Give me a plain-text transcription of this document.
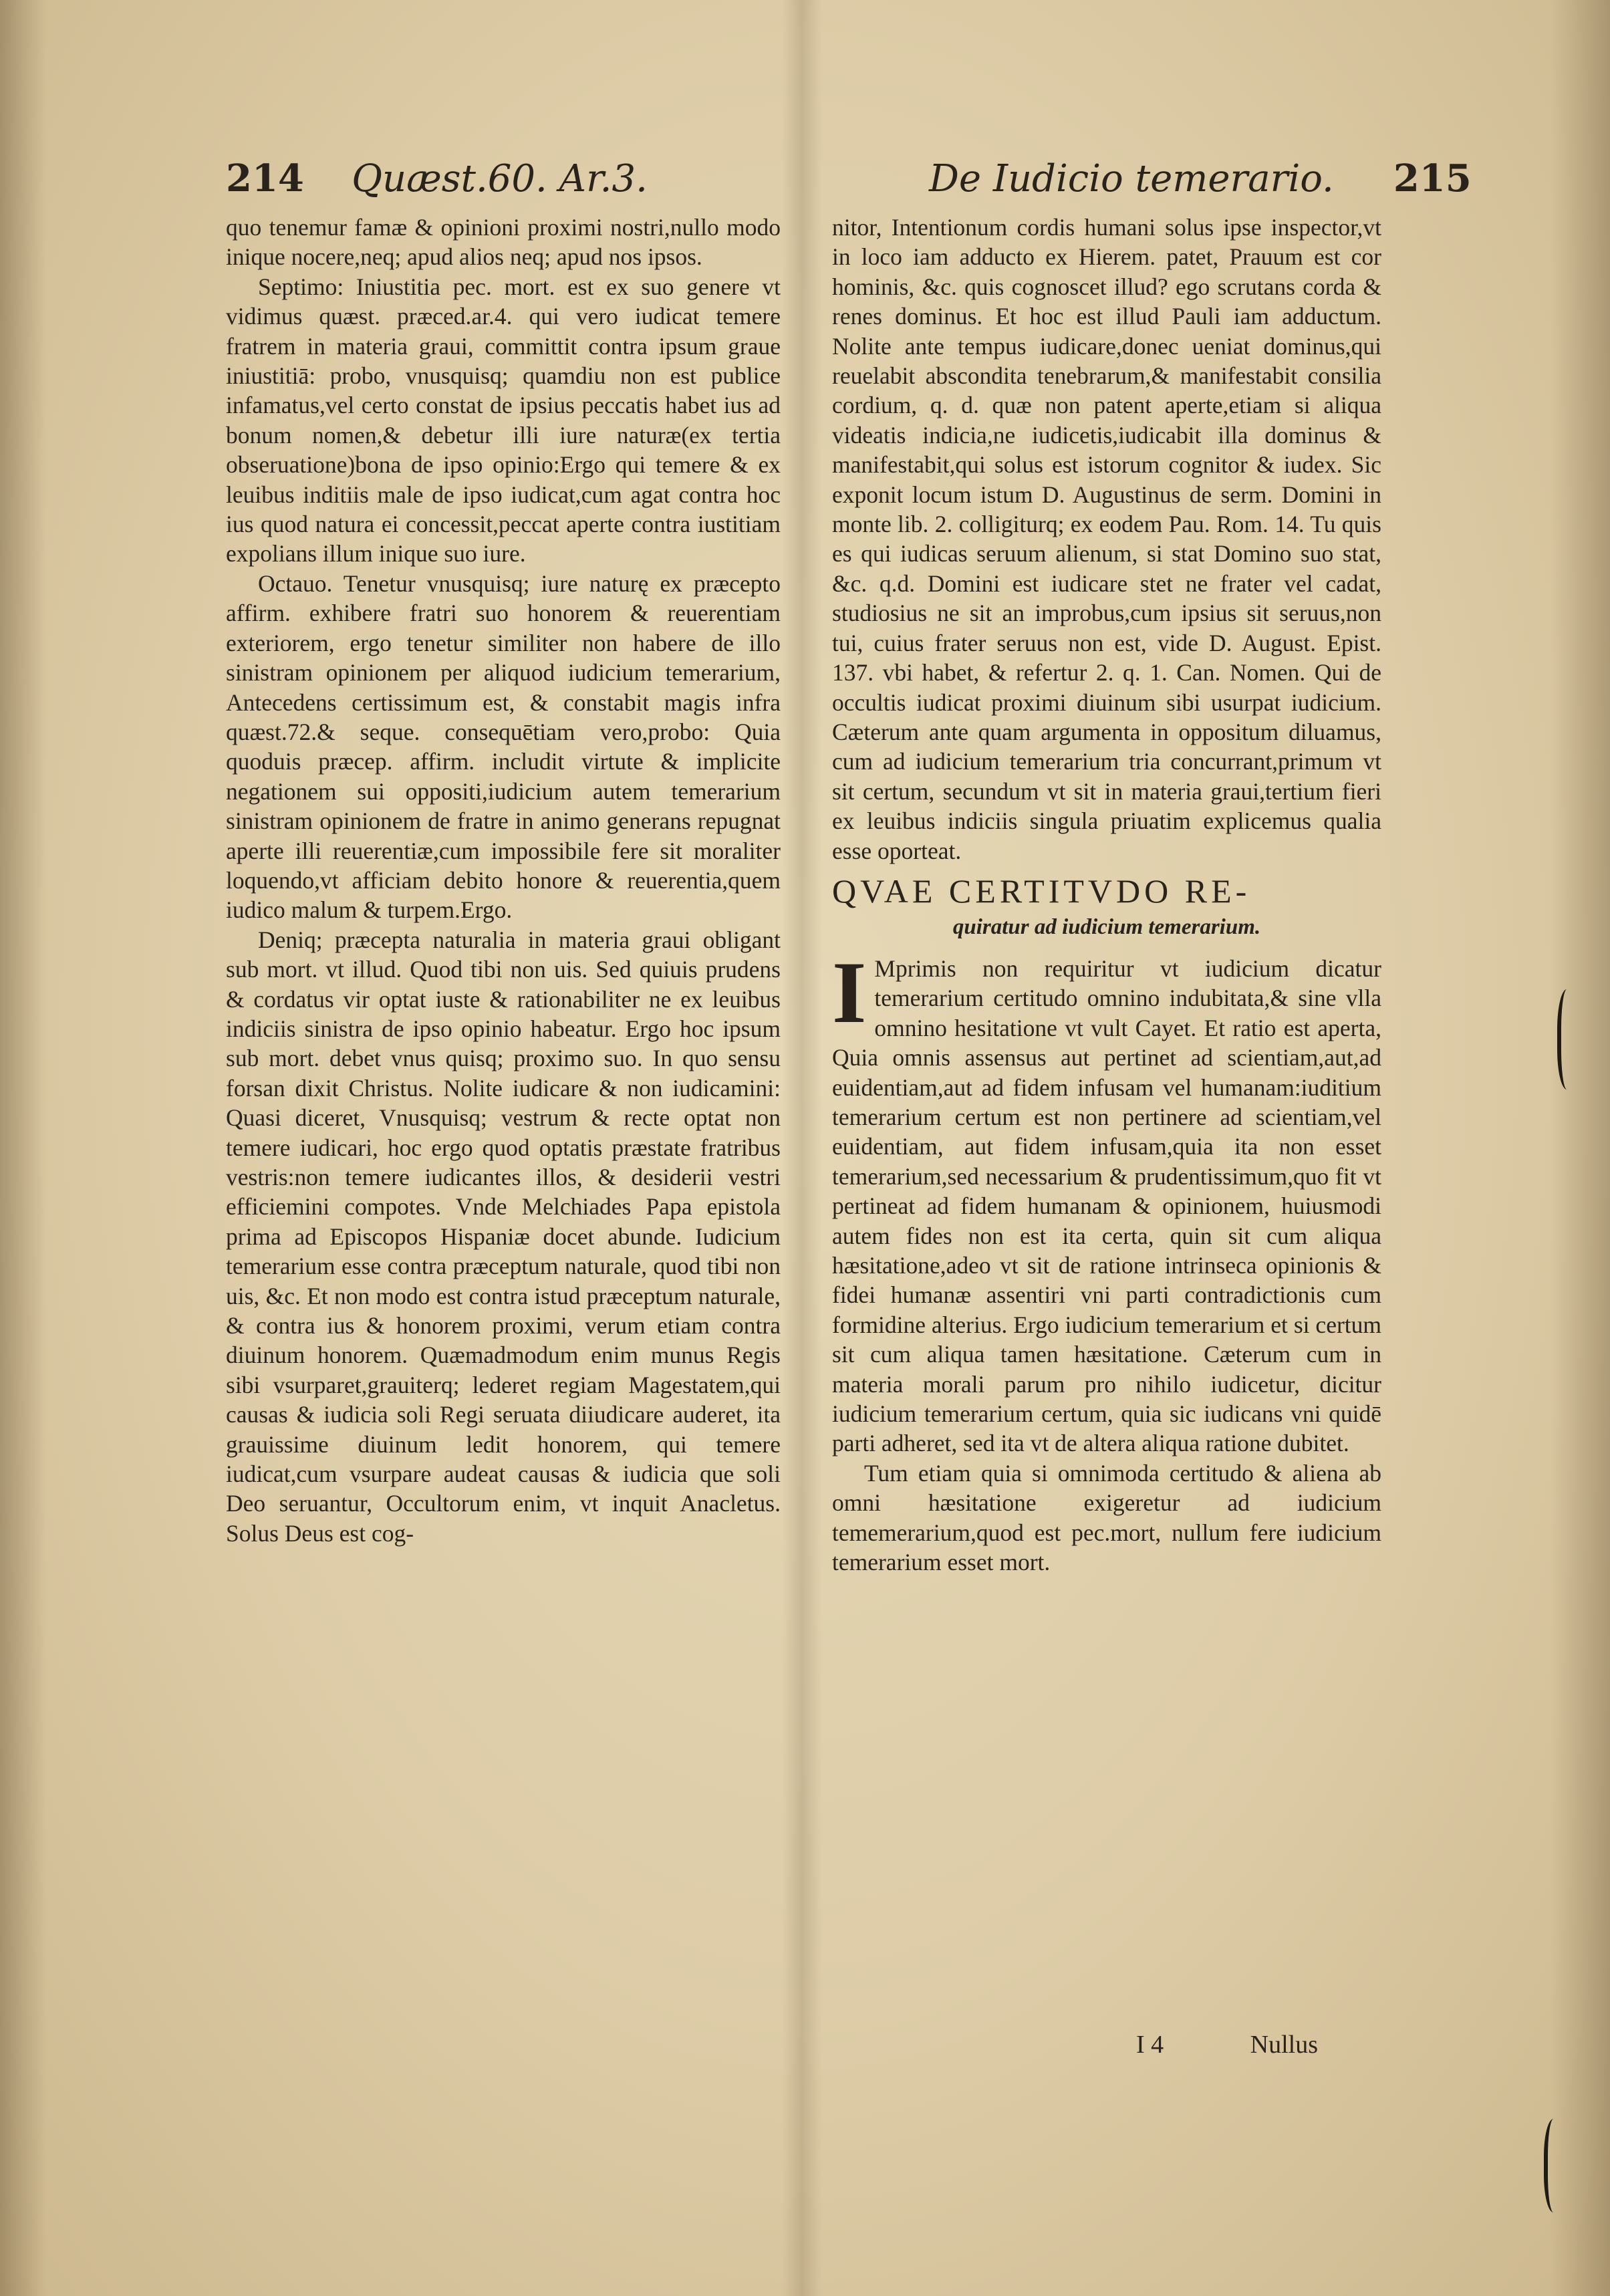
214 Quæst.60. Ar.3.	De Iudicio temerario. 215

quo tenemur famæ & opinioni proximi nostri,nullo modo inique nocere,neq; apud alios neq; apud nos ipsos.

Septimo: Iniustitia pec. mort. est ex suo genere vt vidimus quæst. præced.ar.4. qui vero iudicat temere fratrem in materia graui, committit contra ipsum graue iniustitiā: probo, vnusquisq; quamdiu non est publice infamatus,vel certo constat de ipsius peccatis habet ius ad bonum nomen,& debetur illi iure naturæ(ex tertia obseruatione)bona de ipso opinio:Ergo qui temere & ex leuibus inditiis male de ipso iudicat,cum agat contra hoc ius quod natura ei concessit,peccat aperte contra iustitiam expolians illum inique suo iure.

Octauo. Tenetur vnusquisq; iure naturę ex præcepto affirm. exhibere fratri suo honorem & reuerentiam exteriorem, ergo tenetur similiter non habere de illo sinistram opinionem per aliquod iudicium temerarium, Antecedens certissimum est, & constabit magis infra quæst.72.& seque. consequētiam vero,probo: Quia quoduis præcep. affirm. includit virtute & implicite negationem sui oppositi,iudicium autem temerarium sinistram opinionem de fratre in animo generans repugnat aperte illi reuerentiæ,cum impossibile fere sit moraliter loquendo,vt afficiam debito honore & reuerentia,quem iudico malum & turpem.Ergo.

Deniq; præcepta naturalia in materia graui obligant sub mort. vt illud. Quod tibi non uis. Sed quiuis prudens & cordatus vir optat iuste & rationabiliter ne ex leuibus indiciis sinistra de ipso opinio habeatur. Ergo hoc ipsum sub mort. debet vnus quisq; proximo suo. In quo sensu forsan dixit Christus. Nolite iudicare & non iudicamini: Quasi diceret, Vnusquisq; vestrum & recte optat non temere iudicari, hoc ergo quod optatis præstate fratribus vestris:non temere iudicantes illos, & desiderii vestri efficiemini compotes. Vnde Melchiades Papa epistola prima ad Episcopos Hispaniæ docet abunde. Iudicium temerarium esse contra præceptum naturale, quod tibi non uis, &c. Et non modo est contra istud præceptum naturale, & contra ius & honorem proximi, verum etiam contra diuinum honorem. Quæmadmodum enim munus Regis sibi vsurparet,grauiterq; lederet regiam Magestatem,qui causas & iudicia soli Regi seruata diiudicare auderet, ita grauissime diuinum ledit honorem, qui temere iudicat,cum vsurpare audeat causas & iudicia que soli Deo seruantur, Occultorum enim, vt inquit Anacletus. Solus Deus est cog-

nitor, Intentionum cordis humani solus ipse inspector,vt in loco iam adducto ex Hierem. patet, Prauum est cor hominis, &c. quis cognoscet illud? ego scrutans corda & renes dominus. Et hoc est illud Pauli iam adductum. Nolite ante tempus iudicare,donec ueniat dominus,qui reuelabit abscondita tenebrarum,& manifestabit consilia cordium, q. d. quæ non patent aperte,etiam si aliqua videatis indicia,ne iudicetis,iudicabit illa dominus & manifestabit,qui solus est istorum cognitor & iudex. Sic exponit locum istum D. Augustinus de serm. Domini in monte lib. 2. colligiturq; ex eodem Pau. Rom. 14. Tu quis es qui iudicas seruum alienum, si stat Domino suo stat, &c. q.d. Domini est iudicare stet ne frater vel cadat, studiosius ne sit an improbus,cum ipsius sit seruus,non tui, cuius frater seruus non est, vide D. August. Epist. 137. vbi habet, & refertur 2. q. 1. Can. Nomen. Qui de occultis iudicat proximi diuinum sibi usurpat iudicium. Cæterum ante quam argumenta in oppositum diluamus, cum ad iudicium temerarium tria concurrant,primum vt sit certum, secundum vt sit in materia graui,tertium fieri ex leuibus indiciis singula priuatim explicemus qualia esse oporteat.

QVAE CERTITVDO RE-
quiratur ad iudicium temerarium.

I Mprimis non requiritur vt iudicium dicatur temerarium certitudo omnino indubitata,& sine vlla omnino hesitatione vt vult Cayet. Et ratio est aperta, Quia omnis assensus aut pertinet ad scientiam,aut,ad euidentiam,aut ad fidem infusam vel humanam:iuditium temerarium certum est non pertinere ad scientiam,vel euidentiam, aut fidem infusam,quia ita non esset temerarium,sed necessarium & prudentissimum,quo fit vt pertineat ad fidem humanam & opinionem, huiusmodi autem fides non est ita certa, quin sit cum aliqua hæsitatione,adeo vt sit de ratione intrinseca opinionis & fidei humanæ assentiri vni parti contradictionis cum formidine alterius. Ergo iudicium temerarium et si certum sit cum aliqua tamen hæsitatione. Cæterum cum in materia morali parum pro nihilo iudicetur, dicitur iudicium temerarium certum, quia sic iudicans vni quidē parti adheret, sed ita vt de altera aliqua ratione dubitet.

Tum etiam quia si omnimoda certitudo & aliena ab omni hæsitatione exigeretur ad iudicium tememerarium,quod est pec.mort, nullum fere iudicium temerarium esset mort.

I 4	Nullus
